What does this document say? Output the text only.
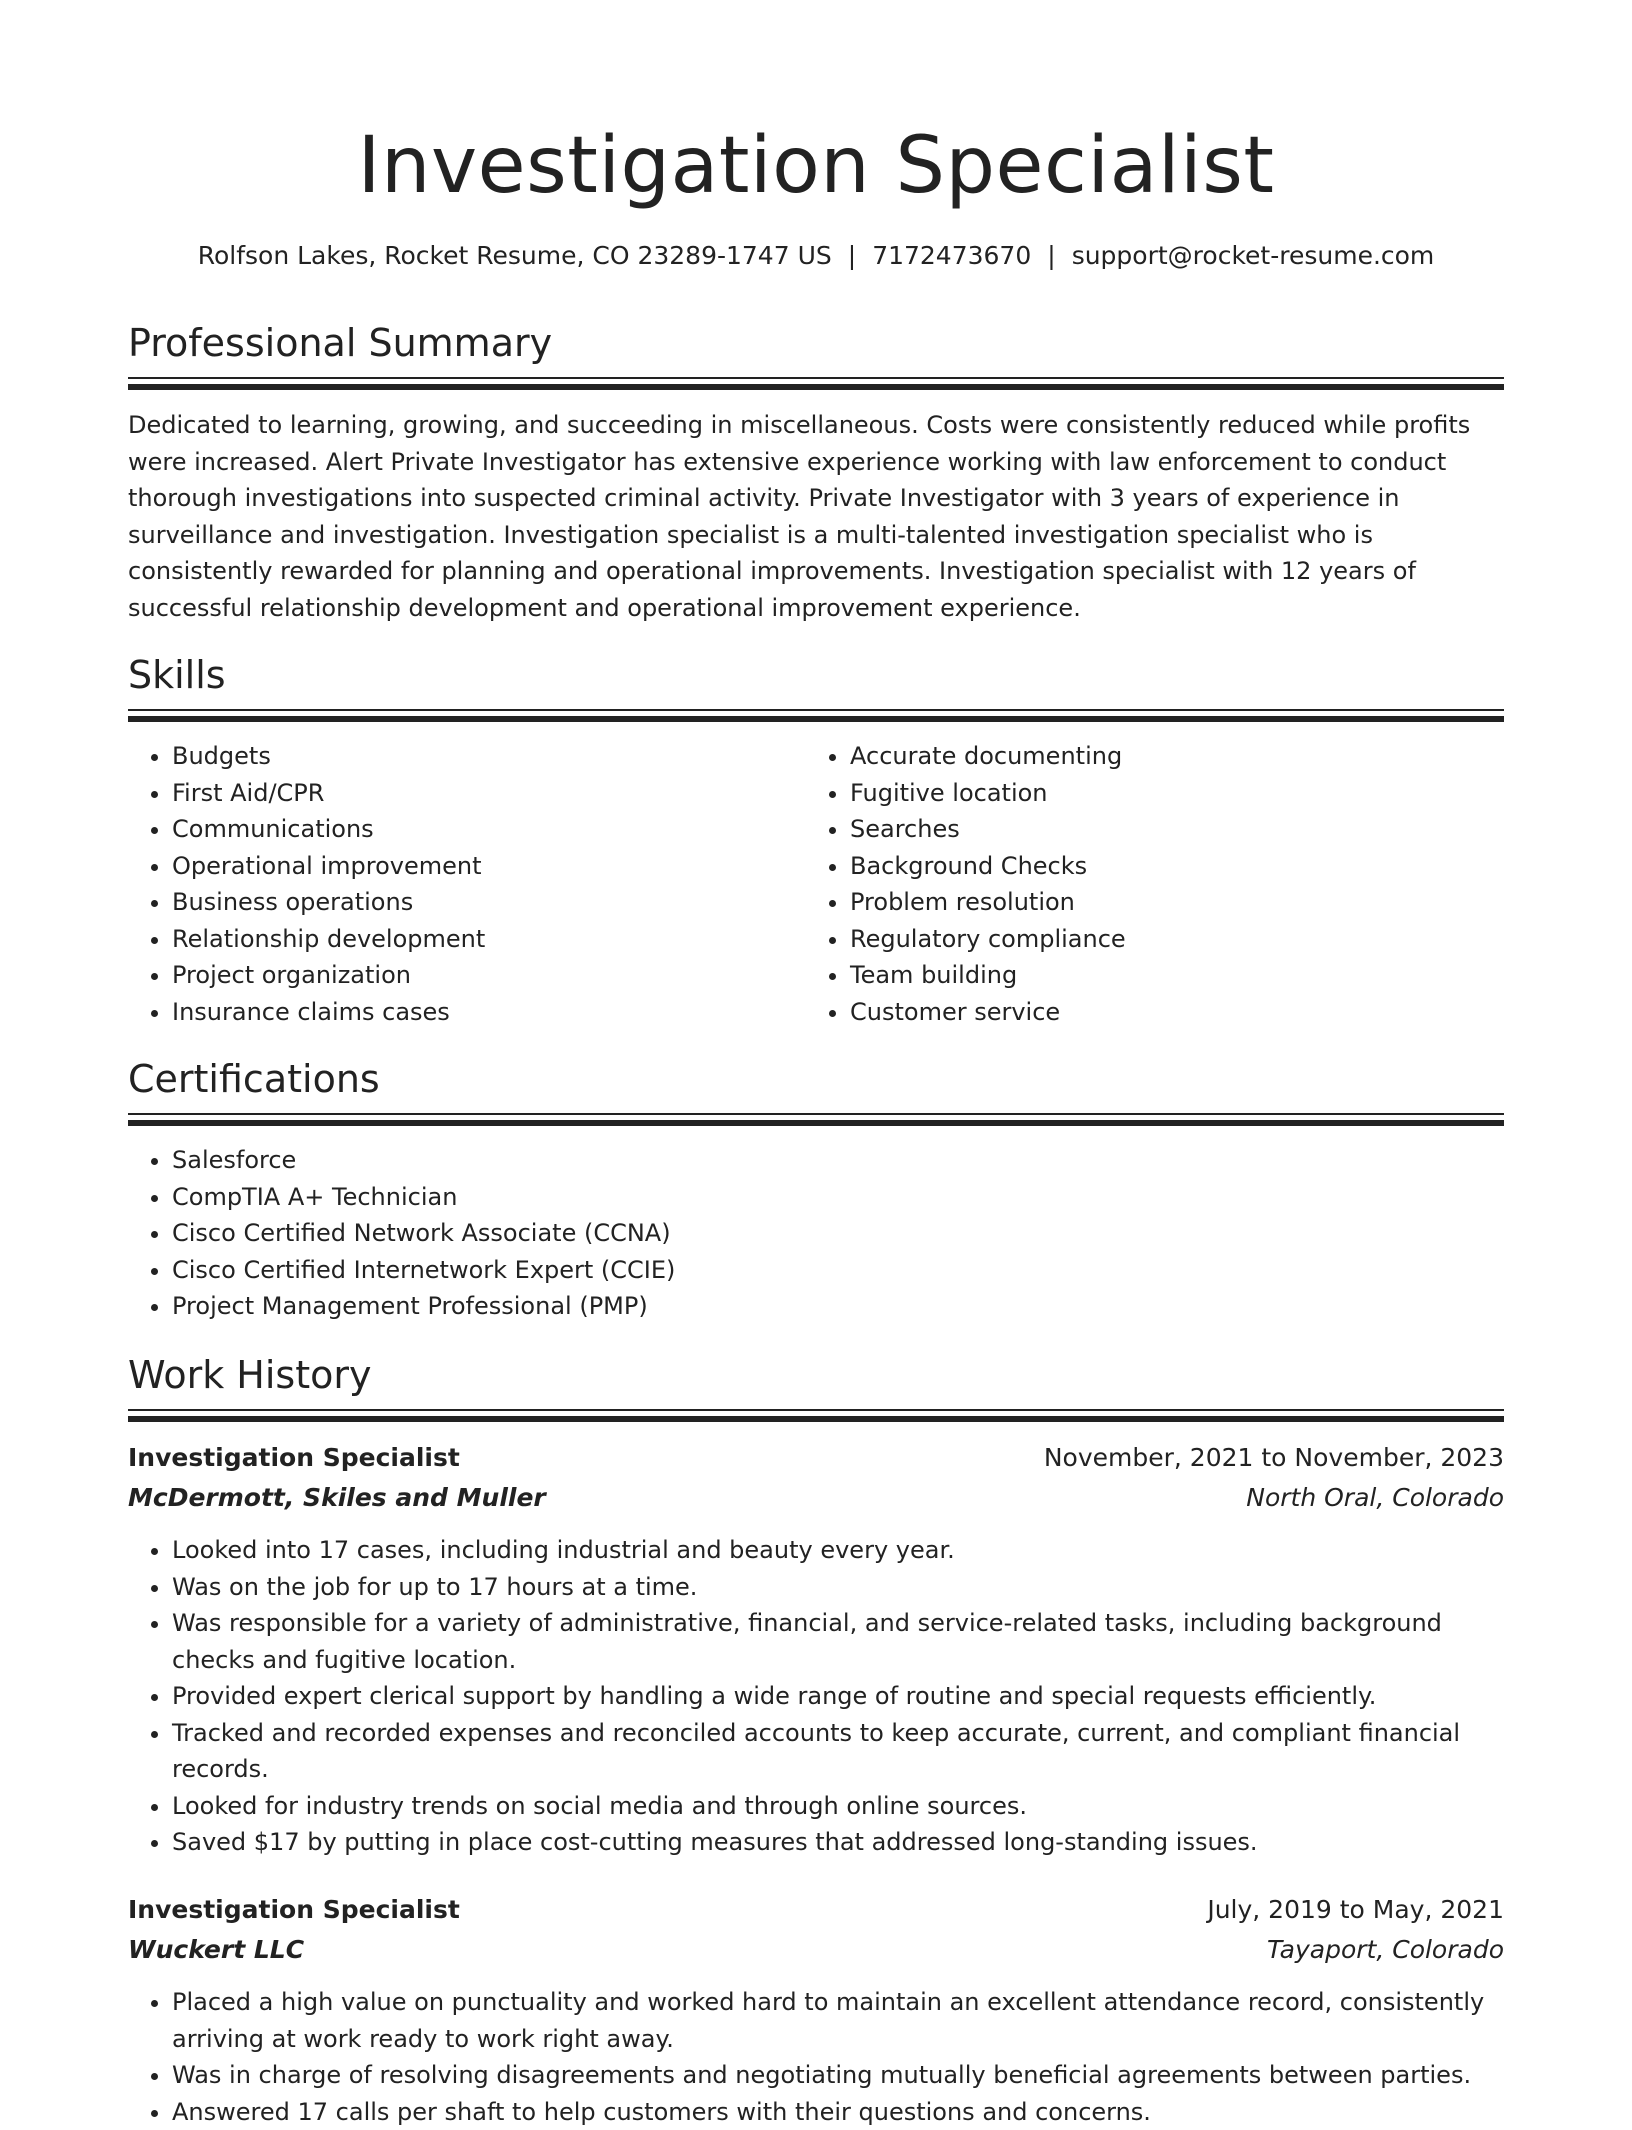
Investigation Specialist
Rolfson Lakes, Rocket Resume, CO 23289-1747 US | 7172473670 | support@rocket-resume.com
Professional Summary

Dedicated to learning, growing, and succeeding in miscellaneous. Costs were consistently reduced while profits were increased. Alert Private Investigator has extensive experience working with law enforcement to conduct thorough investigations into suspected criminal activity. Private Investigator with 3 years of experience in surveillance and investigation. Investigation specialist is a multi-talented investigation specialist who is consistently rewarded for planning and operational improvements. Investigation specialist with 12 years of successful relationship development and operational improvement experience.

Skills
• Budgets
• First Aid/CPR
• Communications
• Operational improvement
• Business operations
• Relationship development
• Project organization
• Insurance claims cases
• Accurate documenting
• Fugitive location
• Searches
• Background Checks
• Problem resolution
• Regulatory compliance
• Team building
• Customer service
Certifications
• Salesforce
• CompTIA A+ Technician
• Cisco Certified Network Associate (CCNA)
• Cisco Certified Internetwork Expert (CCIE)
• Project Management Professional (PMP)
Work History
Investigation Specialist	November, 2021 to November, 2023
McDermott, Skiles and Muller	North Oral, Colorado
• Looked into 17 cases, including industrial and beauty every year.
• Was on the job for up to 17 hours at a time.
• Was responsible for a variety of administrative, financial, and service-related tasks, including background checks and fugitive location.
• Provided expert clerical support by handling a wide range of routine and special requests efficiently.
• Tracked and recorded expenses and reconciled accounts to keep accurate, current, and compliant financial records.
• Looked for industry trends on social media and through online sources.
• Saved $17 by putting in place cost-cutting measures that addressed long-standing issues.
Investigation Specialist	July, 2019 to May, 2021
Wuckert LLC	Tayaport, Colorado
• Placed a high value on punctuality and worked hard to maintain an excellent attendance record, consistently arriving at work ready to work right away.
• Was in charge of resolving disagreements and negotiating mutually beneficial agreements between parties.
• Answered 17 calls per shaft to help customers with their questions and concerns.
